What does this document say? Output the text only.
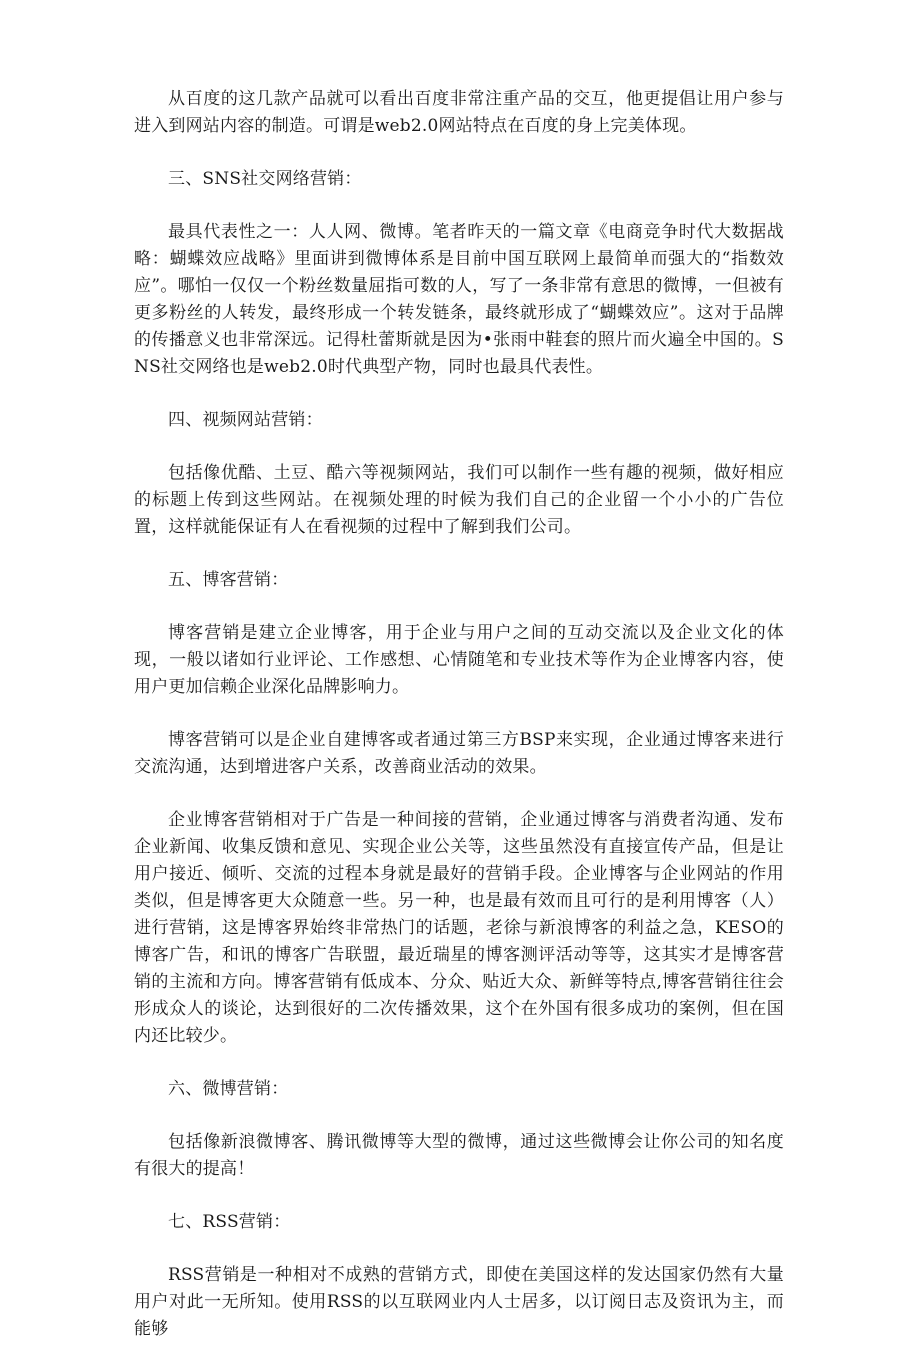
从百度的这几款产品就可以看出百度非常注重产品的交互，他更提倡让用户参与进入到网站内容的制造。可谓是web2.0网站特点在百度的身上完美体现。

三、SNS社交网络营销：

最具代表性之一：人人网、微博。笔者昨天的一篇文章《电商竞争时代大数据战略：蝴蝶效应战略》里面讲到微博体系是目前中国互联网上最简单而强大的“指数效应”。哪怕一仅仅一个粉丝数量屈指可数的人，写了一条非常有意思的微博，一但被有更多粉丝的人转发，最终形成一个转发链条，最终就形成了“蝴蝶效应”。这对于品牌的传播意义也非常深远。记得杜蕾斯就是因为•张雨中鞋套的照片而火遍全中国的。SNS社交网络也是web2.0时代典型产物，同时也最具代表性。

四、视频网站营销：

包括像优酷、土豆、酷六等视频网站，我们可以制作一些有趣的视频，做好相应的标题上传到这些网站。在视频处理的时候为我们自己的企业留一个小小的广告位置，这样就能保证有人在看视频的过程中了解到我们公司。

五、博客营销：

博客营销是建立企业博客，用于企业与用户之间的互动交流以及企业文化的体现，一般以诸如行业评论、工作感想、心情随笔和专业技术等作为企业博客内容，使用户更加信赖企业深化品牌影响力。

博客营销可以是企业自建博客或者通过第三方BSP来实现，企业通过博客来进行交流沟通，达到增进客户关系，改善商业活动的效果。

企业博客营销相对于广告是一种间接的营销，企业通过博客与消费者沟通、发布企业新闻、收集反馈和意见、实现企业公关等，这些虽然没有直接宣传产品，但是让用户接近、倾听、交流的过程本身就是最好的营销手段。企业博客与企业网站的作用类似，但是博客更大众随意一些。另一种，也是最有效而且可行的是利用博客（人）进行营销，这是博客界始终非常热门的话题，老徐与新浪博客的利益之急，KESO的博客广告，和讯的博客广告联盟，最近瑞星的博客测评活动等等，这其实才是博客营销的主流和方向。博客营销有低成本、分众、贴近大众、新鲜等特点,博客营销往往会形成众人的谈论，达到很好的二次传播效果，这个在外国有很多成功的案例，但在国内还比较少。

六、微博营销：

包括像新浪微博客、腾讯微博等大型的微博，通过这些微博会让你公司的知名度有很大的提高！

七、RSS营销：

RSS营销是一种相对不成熟的营销方式，即使在美国这样的发达国家仍然有大量用户对此一无所知。使用RSS的以互联网业内人士居多，以订阅日志及资讯为主，而能够
